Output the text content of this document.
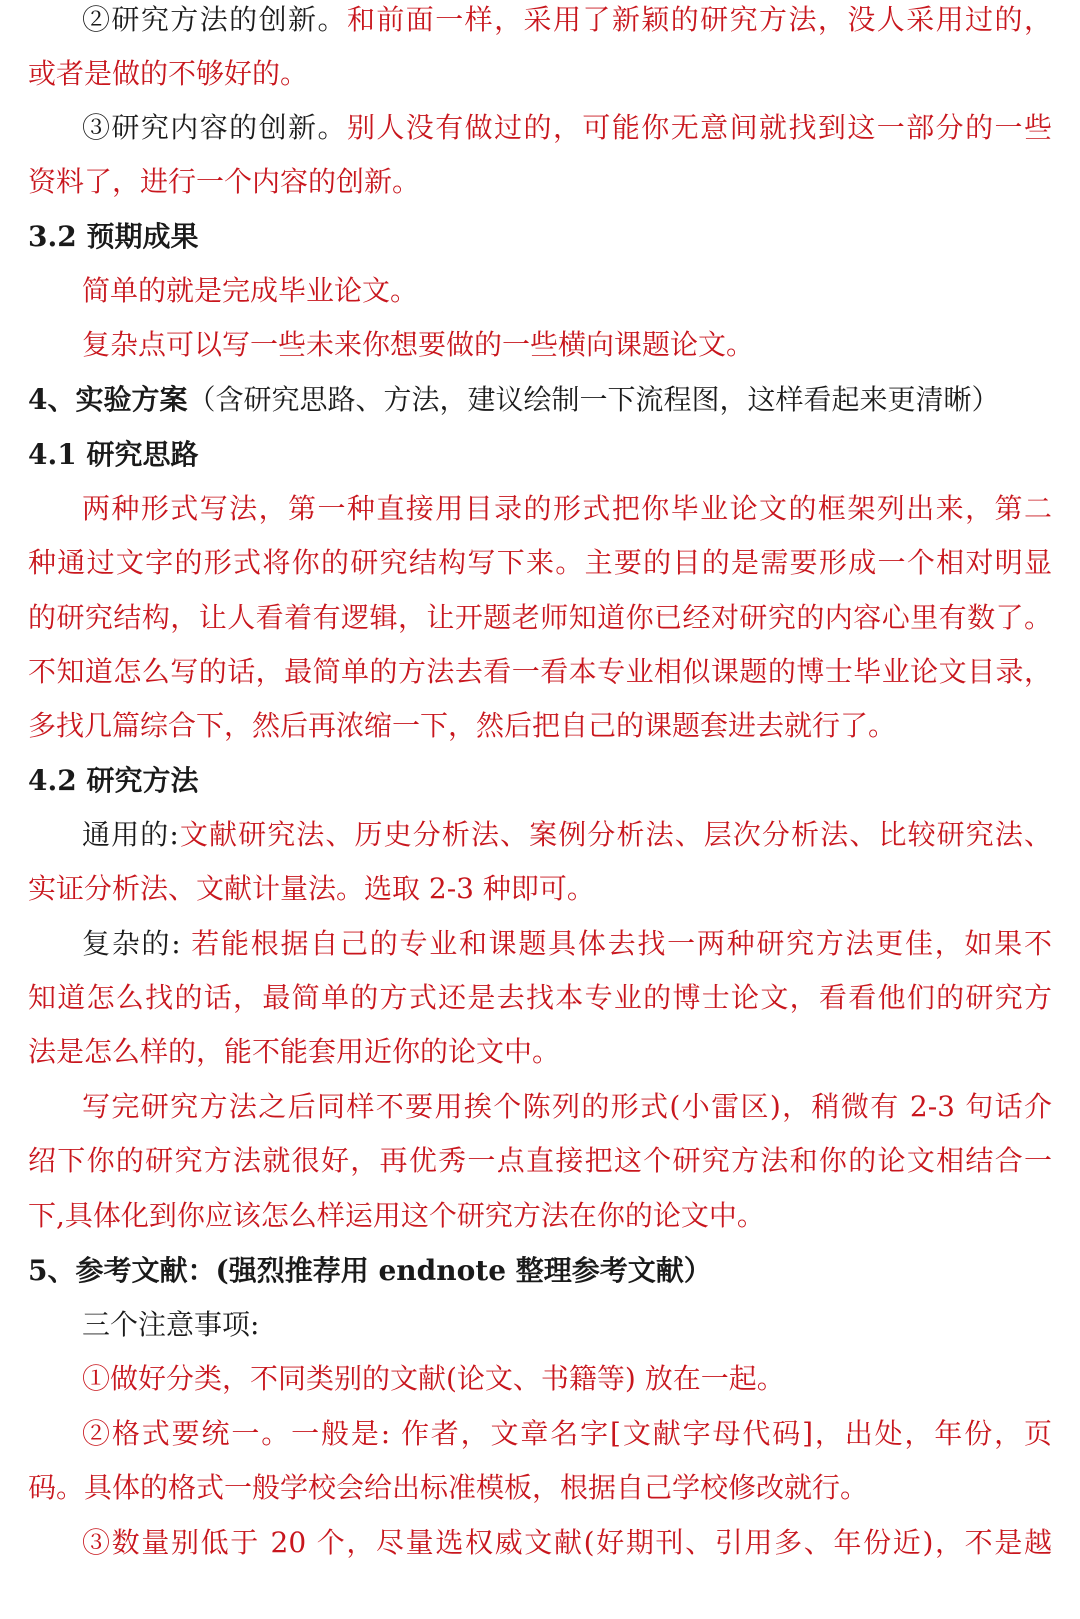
②研究方法的创新。和前面一样，采用了新颖的研究方法，没人采用过的，
或者是做的不够好的。
③研究内容的创新。别人没有做过的，可能你无意间就找到这一部分的一些
资料了，进行一个内容的创新。
3.2 预期成果
简单的就是完成毕业论文。
复杂点可以写一些未来你想要做的一些横向课题论文。
4、实验方案（含研究思路、方法，建议绘制一下流程图，这样看起来更清晰）
4.1 研究思路
两种形式写法，第一种直接用目录的形式把你毕业论文的框架列出来，第二
种通过文字的形式将你的研究结构写下来。主要的目的是需要形成一个相对明显
的研究结构，让人看着有逻辑，让开题老师知道你已经对研究的内容心里有数了。
不知道怎么写的话，最简单的方法去看一看本专业相似课题的博士毕业论文目录，
多找几篇综合下，然后再浓缩一下，然后把自己的课题套进去就行了。
4.2 研究方法
通用的:文献研究法、历史分析法、案例分析法、层次分析法、比较研究法、
实证分析法、文献计量法。选取 2-3 种即可。
复杂的: 若能根据自己的专业和课题具体去找一两种研究方法更佳，如果不
知道怎么找的话，最简单的方式还是去找本专业的博士论文，看看他们的研究方
法是怎么样的，能不能套用近你的论文中。
写完研究方法之后同样不要用挨个陈列的形式(小雷区)，稍微有 2-3 句话介
绍下你的研究方法就很好，再优秀一点直接把这个研究方法和你的论文相结合一
下,具体化到你应该怎么样运用这个研究方法在你的论文中。
5、参考文献：(强烈推荐用 endnote 整理参考文献）
三个注意事项:
①做好分类，不同类别的文献(论文、书籍等) 放在一起。
②格式要统一。一般是: 作者，文章名字[文献字母代码]，出处，年份，页
码。具体的格式一般学校会给出标准模板，根据自己学校修改就行。
③数量别低于 20 个，尽量选权威文献(好期刊、引用多、年份近)，不是越
